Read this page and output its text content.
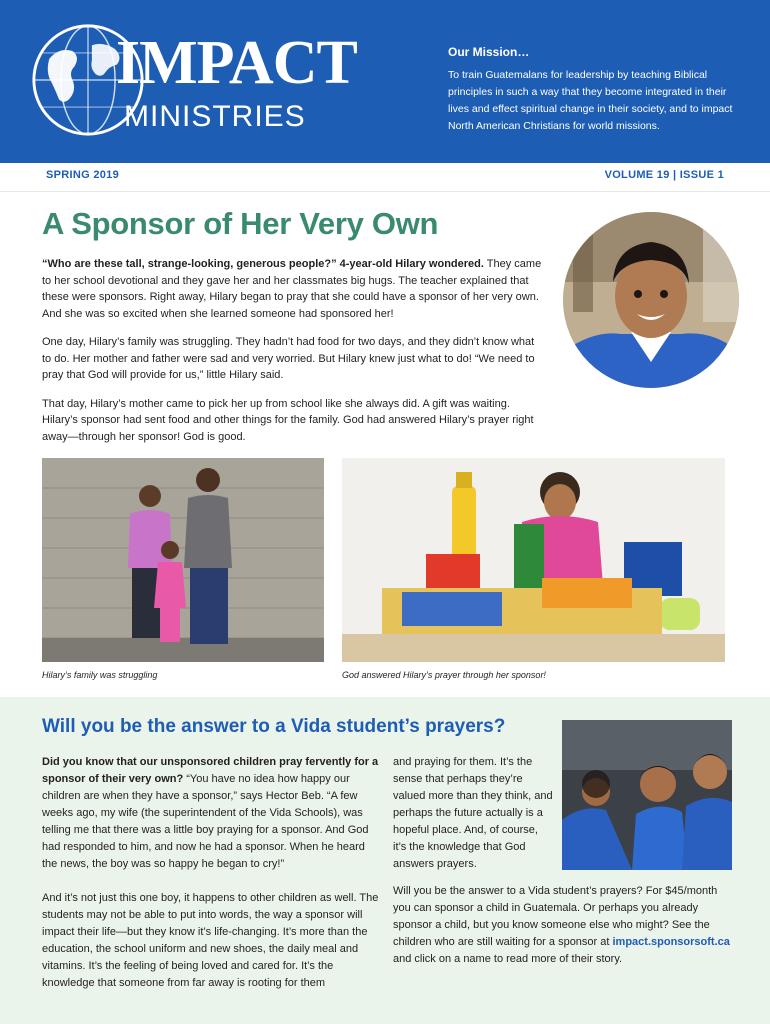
IMPACT
MINISTRIES
Our Mission…
To train Guatemalans for leadership by teaching Biblical principles in such a way that they become integrated in their lives and effect spiritual change in their society, and to impact North American Christians for world missions.
SPRING 2019	VOLUME 19 | ISSUE 1
A Sponsor of Her Very Own

“Who are these tall, strange-looking, generous people?” 4-year-old Hilary wondered. They came to her school devotional and they gave her and her classmates big hugs. The teacher explained that these were sponsors. Right away, Hilary began to pray that she could have a sponsor of her very own. And she was so excited when she learned someone had sponsored her!

One day, Hilary’s family was struggling. They hadn’t had food for two days, and they didn’t know what to do. Her mother and father were sad and very worried. But Hilary knew just what to do! “We need to pray that God will provide for us,” little Hilary said.

That day, Hilary’s mother came to pick her up from school like she always did. A gift was waiting. Hilary’s sponsor had sent food and other things for the family. God had answered Hilary’s prayer right away—through her sponsor! God is good.

Hilary’s family was struggling	God answered Hilary’s prayer through her sponsor!
Will you be the answer to a Vida student’s prayers?

Did you know that our unsponsored children pray fervently for a sponsor of their very own? “You have no idea how happy our children are when they have a sponsor,” says Hector Beb. “A few weeks ago, my wife (the superintendent of the Vida Schools), was telling me that there was a little boy praying for a sponsor. And God had responded to him, and now he had a sponsor. When he heard the news, the boy was so happy he began to cry!”

And it’s not just this one boy, it happens to other children as well. The students may not be able to put into words, the way a sponsor will impact their life—but they know it’s life-changing. It’s more than the education, the school uniform and new shoes, the daily meal and vitamins. It’s the feeling of being loved and cared for. It’s the knowledge that someone from far away is rooting for them

and praying for them. It’s the sense that perhaps they’re valued more than they think, and perhaps the future actually is a hopeful place. And, of course, it’s the knowledge that God answers prayers.

Will you be the answer to a Vida student’s prayers? For $45/month you can sponsor a child in Guatemala. Or perhaps you already sponsor a child, but you know someone else who might? See the children who are still waiting for a sponsor at impact.sponsorsoft.ca and click on a name to read more of their story.
